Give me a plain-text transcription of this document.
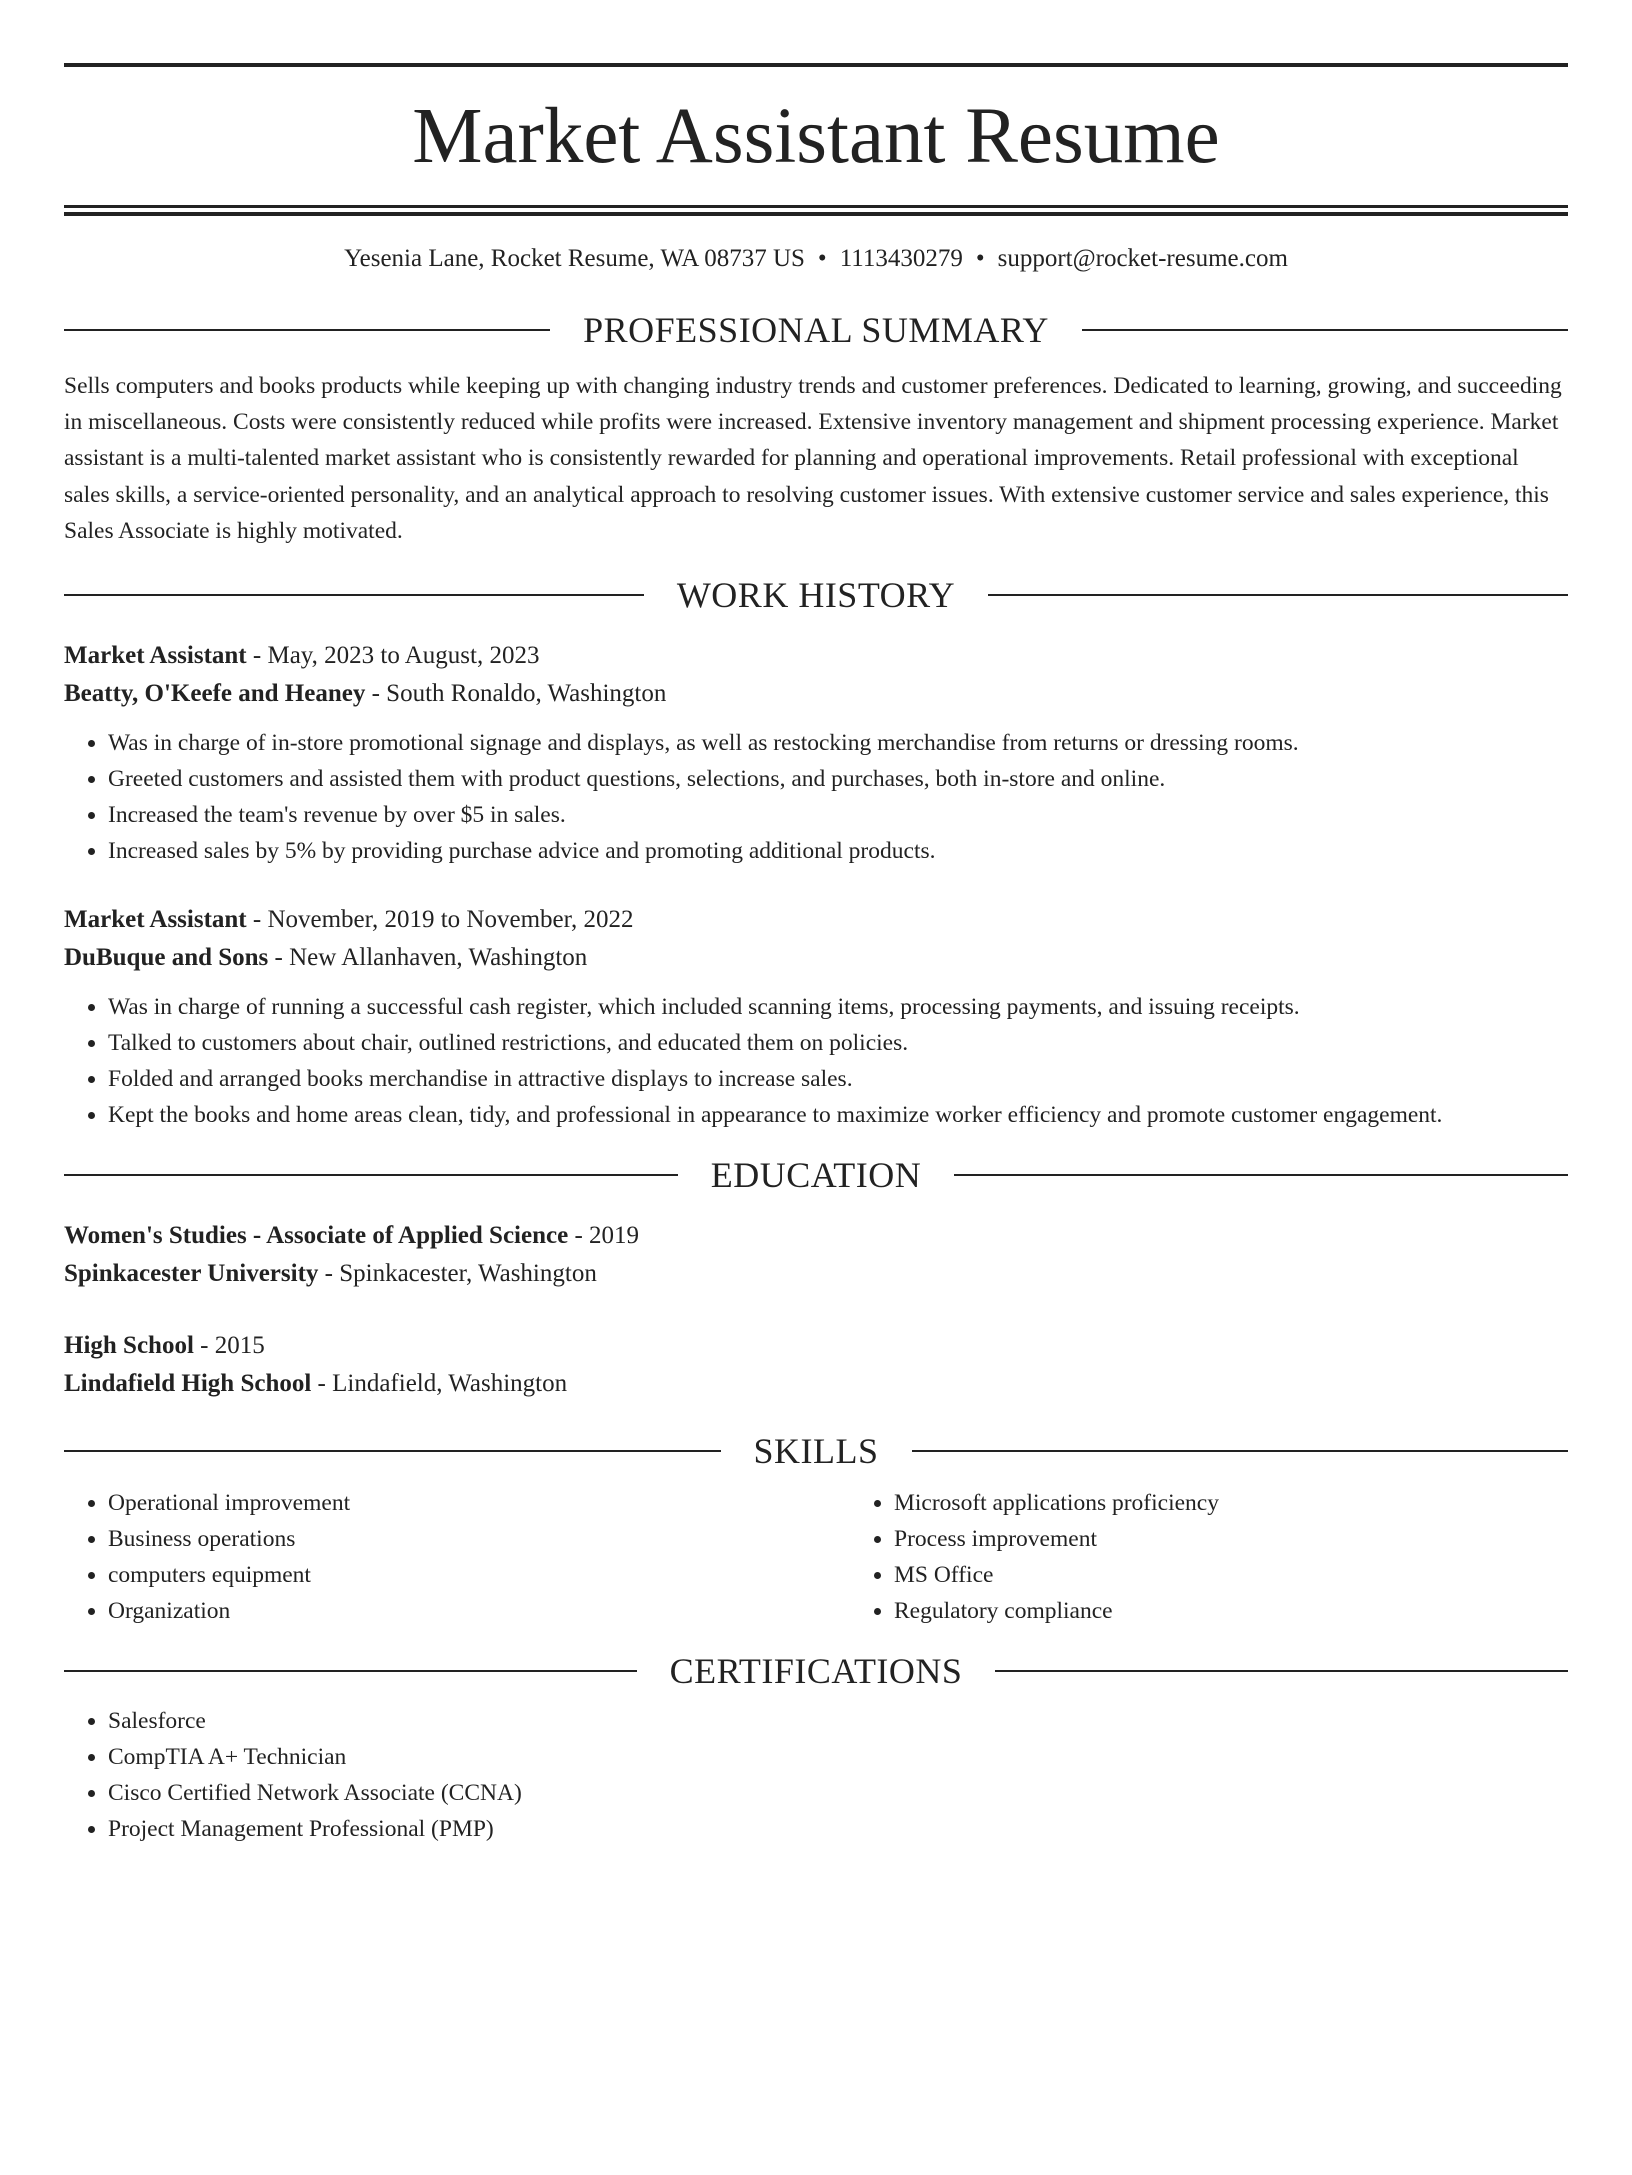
Market Assistant Resume
Yesenia Lane, Rocket Resume, WA 08737 US • 1113430279 • support@rocket-resume.com
PROFESSIONAL SUMMARY
Sells computers and books products while keeping up with changing industry trends and customer preferences. Dedicated to learning, growing, and succeeding in miscellaneous. Costs were consistently reduced while profits were increased. Extensive inventory management and shipment processing experience. Market assistant is a multi-talented market assistant who is consistently rewarded for planning and operational improvements. Retail professional with exceptional sales skills, a service-oriented personality, and an analytical approach to resolving customer issues. With extensive customer service and sales experience, this Sales Associate is highly motivated.
WORK HISTORY
Market Assistant - May, 2023 to August, 2023
Beatty, O'Keefe and Heaney - South Ronaldo, Washington
• Was in charge of in-store promotional signage and displays, as well as restocking merchandise from returns or dressing rooms.
• Greeted customers and assisted them with product questions, selections, and purchases, both in-store and online.
• Increased the team's revenue by over $5 in sales.
• Increased sales by 5% by providing purchase advice and promoting additional products.
Market Assistant - November, 2019 to November, 2022
DuBuque and Sons - New Allanhaven, Washington
• Was in charge of running a successful cash register, which included scanning items, processing payments, and issuing receipts.
• Talked to customers about chair, outlined restrictions, and educated them on policies.
• Folded and arranged books merchandise in attractive displays to increase sales.
• Kept the books and home areas clean, tidy, and professional in appearance to maximize worker efficiency and promote customer engagement.
EDUCATION
Women's Studies - Associate of Applied Science - 2019
Spinkacester University - Spinkacester, Washington
High School - 2015
Lindafield High School - Lindafield, Washington
SKILLS
• Operational improvement
• Business operations
• computers equipment
• Organization
• Microsoft applications proficiency
• Process improvement
• MS Office
• Regulatory compliance
CERTIFICATIONS
• Salesforce
• CompTIA A+ Technician
• Cisco Certified Network Associate (CCNA)
• Project Management Professional (PMP)
